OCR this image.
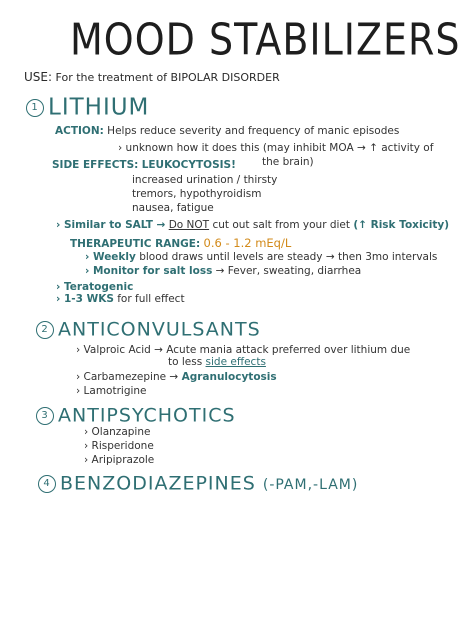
MOOD STABILIZERS
USE: For the treatment of BIPOLAR DISORDER
1 LITHIUM
ACTION: Helps reduce severity and frequency of manic episodes
› unknown how it does this (may inhibit MOA → ↑ activity of
the brain)
SIDE EFFECTS: LEUKOCYTOSIS!
increased urination / thirsty
tremors, hypothyroidism
nausea, fatigue
› Similar to SALT → Do NOT cut out salt from your diet (↑ Risk Toxicity)
THERAPEUTIC RANGE: 0.6 - 1.2 mEq/L
› Weekly blood draws until levels are steady → then 3mo intervals
› Monitor for salt loss → Fever, sweating, diarrhea
› Teratogenic
› 1-3 WKS for full effect
2 ANTICONVULSANTS
› Valproic Acid → Acute mania attack preferred over lithium due
to less side effects
› Carbamezepine → Agranulocytosis
› Lamotrigine
3 ANTIPSYCHOTICS
› Olanzapine
› Risperidone
› Aripiprazole
4 BENZODIAZEPINES (-PAM,-LAM)
